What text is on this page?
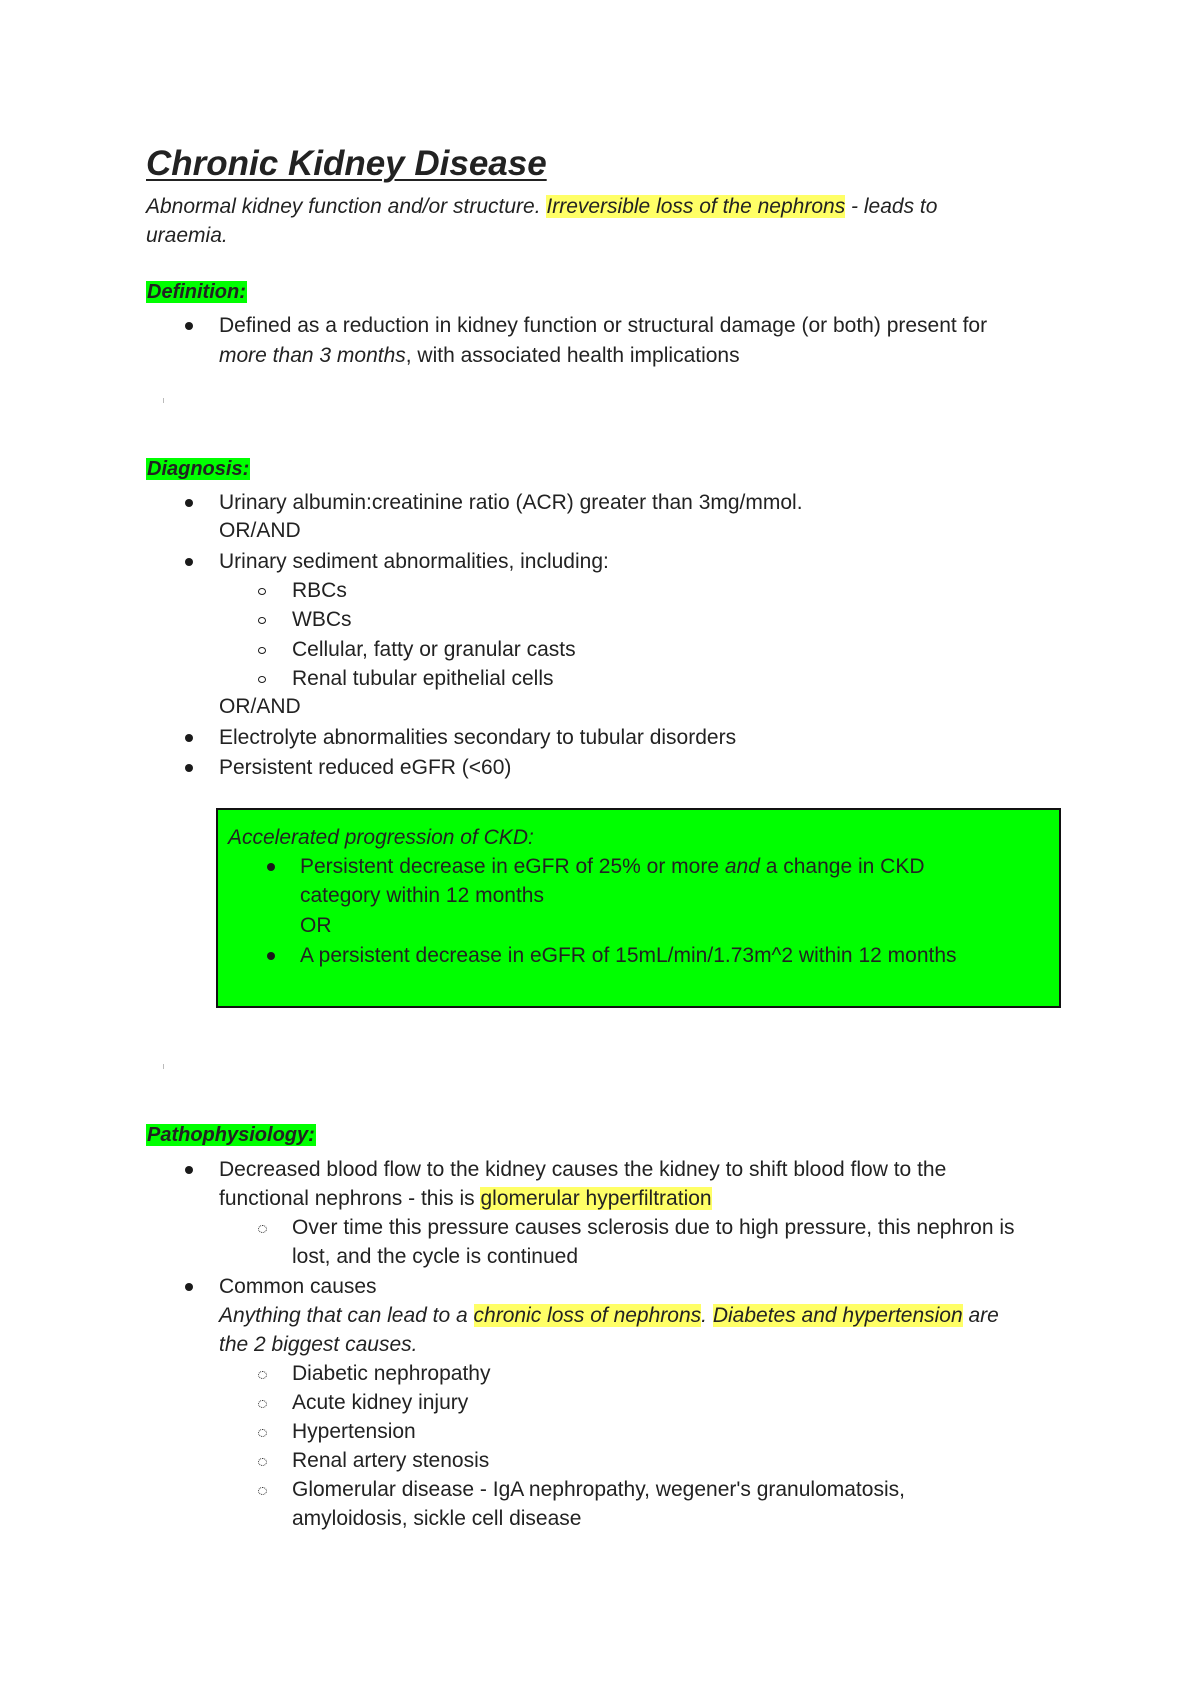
Chronic Kidney Disease
Abnormal kidney function and/or structure. Irreversible loss of the nephrons - leads to
uraemia.
Definition:
Defined as a reduction in kidney function or structural damage (or both) present for
more than 3 months, with associated health implications
Diagnosis:
Urinary albumin:creatinine ratio (ACR) greater than 3mg/mmol.
OR/AND
Urinary sediment abnormalities, including:
RBCs
WBCs
Cellular, fatty or granular casts
Renal tubular epithelial cells
OR/AND
Electrolyte abnormalities secondary to tubular disorders
Persistent reduced eGFR (<60)
Accelerated progression of CKD:
Persistent decrease in eGFR of 25% or more and a change in CKD
category within 12 months
OR
A persistent decrease in eGFR of 15mL/min/1.73m^2 within 12 months
Pathophysiology:
Decreased blood flow to the kidney causes the kidney to shift blood flow to the
functional nephrons - this is glomerular hyperfiltration
Over time this pressure causes sclerosis due to high pressure, this nephron is
lost, and the cycle is continued
Common causes
Anything that can lead to a chronic loss of nephrons. Diabetes and hypertension are
the 2 biggest causes.
Diabetic nephropathy
Acute kidney injury
Hypertension
Renal artery stenosis
Glomerular disease - IgA nephropathy, wegener's granulomatosis,
amyloidosis, sickle cell disease
